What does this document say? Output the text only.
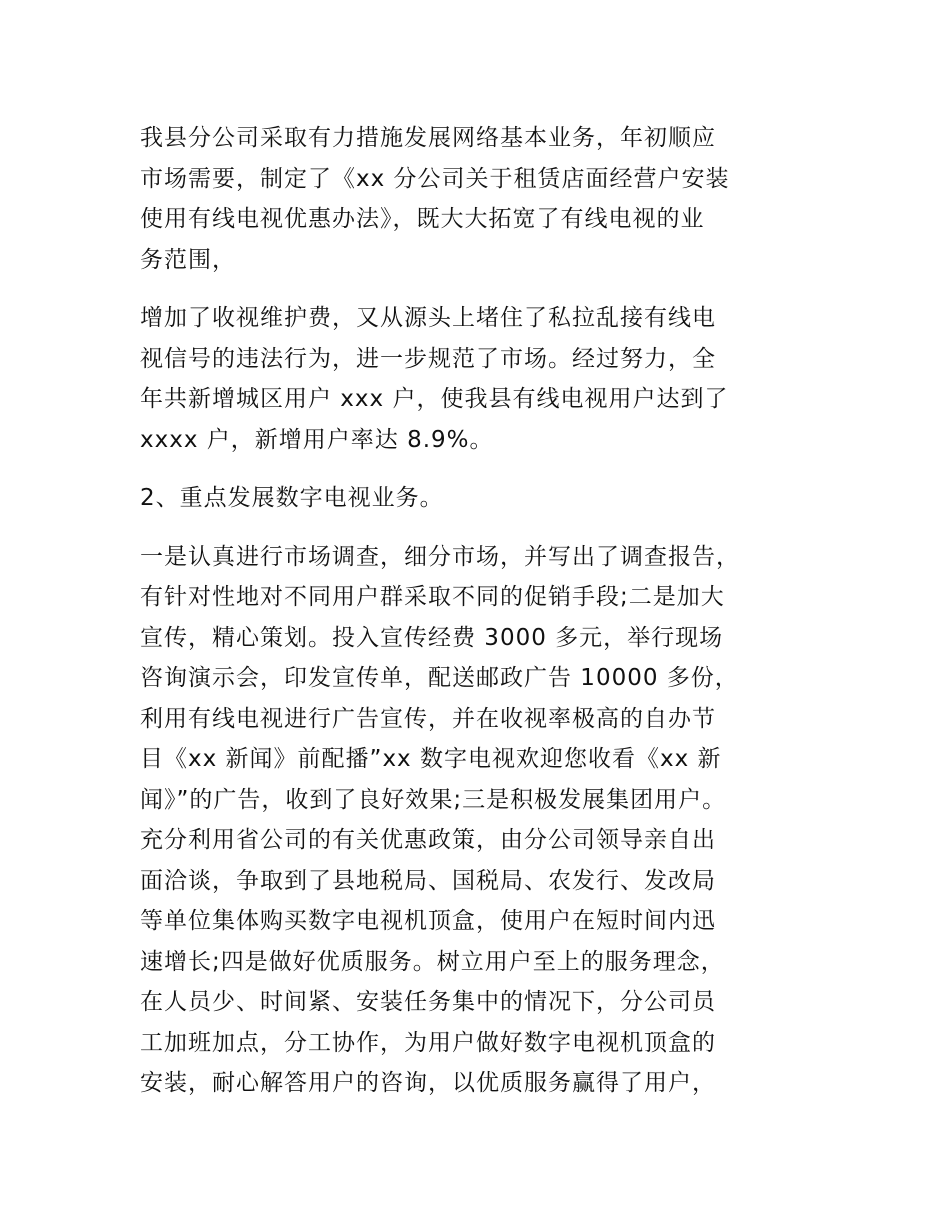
我县分公司采取有力措施发展网络基本业务，年初顺应
市场需要，制定了《xx 分公司关于租赁店面经营户安装
使用有线电视优惠办法》，既大大拓宽了有线电视的业
务范围，

增加了收视维护费，又从源头上堵住了私拉乱接有线电
视信号的违法行为，进一步规范了市场。经过努力，全
年共新增城区用户 xxx 户，使我县有线电视用户达到了
xxxx 户，新增用户率达 8.9%。

2、重点发展数字电视业务。

一是认真进行市场调查，细分市场，并写出了调查报告，
有针对性地对不同用户群采取不同的促销手段;二是加大
宣传，精心策划。投入宣传经费 3000 多元，举行现场
咨询演示会，印发宣传单，配送邮政广告 10000 多份，
利用有线电视进行广告宣传，并在收视率极高的自办节
目《xx 新闻》前配播”xx 数字电视欢迎您收看《xx 新
闻》”的广告，收到了良好效果;三是积极发展集团用户。
充分利用省公司的有关优惠政策，由分公司领导亲自出
面洽谈，争取到了县地税局、国税局、农发行、发改局
等单位集体购买数字电视机顶盒，使用户在短时间内迅
速增长;四是做好优质服务。树立用户至上的服务理念，
在人员少、时间紧、安装任务集中的情况下，分公司员
工加班加点，分工协作，为用户做好数字电视机顶盒的
安装，耐心解答用户的咨询，以优质服务赢得了用户，
